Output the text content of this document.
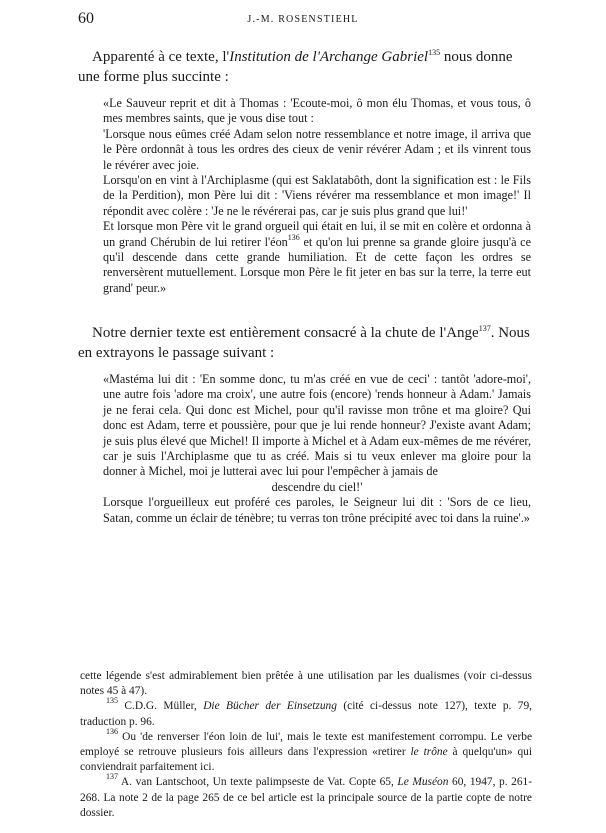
60	J.-M. ROSENSTIEHL
Apparenté à ce texte, l'Institution de l'Archange Gabriel$^{135}$ nous donne une forme plus succinte :

«Le Sauveur reprit et dit à Thomas : 'Ecoute-moi, ô mon élu Thomas, et vous tous, ô mes membres saints, que je vous dise tout :

'Lorsque nous eûmes créé Adam selon notre ressemblance et notre image, il arriva que le Père ordonnât à tous les ordres des cieux de venir révérer Adam ; et ils vinrent tous le révérer avec joie.

Lorsqu'on en vint à l'Archiplasme (qui est Saklatabôth, dont la signification est : le Fils de la Perdition), mon Père lui dit : 'Viens révérer ma ressemblance et mon image!' Il répondit avec colère : 'Je ne le révérerai pas, car je suis plus grand que lui!'

Et lorsque mon Père vit le grand orgueil qui était en lui, il se mit en colère et ordonna à un grand Chérubin de lui retirer l'éon$^{136}$ et qu'on lui prenne sa grande gloire jusqu'à ce qu'il descende dans cette grande humiliation. Et de cette façon les ordres se renversèrent mutuellement. Lorsque mon Père le fit jeter en bas sur la terre, la terre eut grand' peur.»

Notre dernier texte est entièrement consacré à la chute de l'Ange$^{137}$. Nous en extrayons le passage suivant :

«Mastéma lui dit : 'En somme donc, tu m'as créé en vue de ceci' : tantôt 'adore-moi', une autre fois 'adore ma croix', une autre fois (encore) 'rends honneur à Adam.' Jamais je ne ferai cela. Qui donc est Michel, pour qu'il ravisse mon trône et ma gloire? Qui donc est Adam, terre et poussière, pour que je lui rende honneur? J'existe avant Adam; je suis plus élevé que Michel! Il importe à Michel et à Adam eux-mêmes de me révérer, car je suis l'Archiplasme que tu as créé. Mais si tu veux enlever ma gloire pour la donner à Michel, moi je lutterai avec lui pour l'empêcher à jamais de

descendre du ciel!'

Lorsque l'orgueilleux eut proféré ces paroles, le Seigneur lui dit : 'Sors de ce lieu, Satan, comme un éclair de ténèbre; tu verras ton trône précipité avec toi dans la ruine'.»

cette légende s'est admirablement bien prêtée à une utilisation par les dualismes (voir ci-dessus notes 45 à 47).

$^{135}$ C.D.G. Müller, Die Bücher der Einsetzung (cité ci-dessus note 127), texte p. 79, traduction p. 96.

$^{136}$ Ou 'de renverser l'éon loin de lui', mais le texte est manifestement corrompu. Le verbe employé se retrouve plusieurs fois ailleurs dans l'expression «retirer le trône à quelqu'un» qui conviendrait parfaitement ici.

$^{137}$ A. van Lantschoot, Un texte palimpseste de Vat. Copte 65, Le Muséon 60, 1947, p. 261-268. La note 2 de la page 265 de ce bel article est la principale source de la partie copte de notre dossier.
